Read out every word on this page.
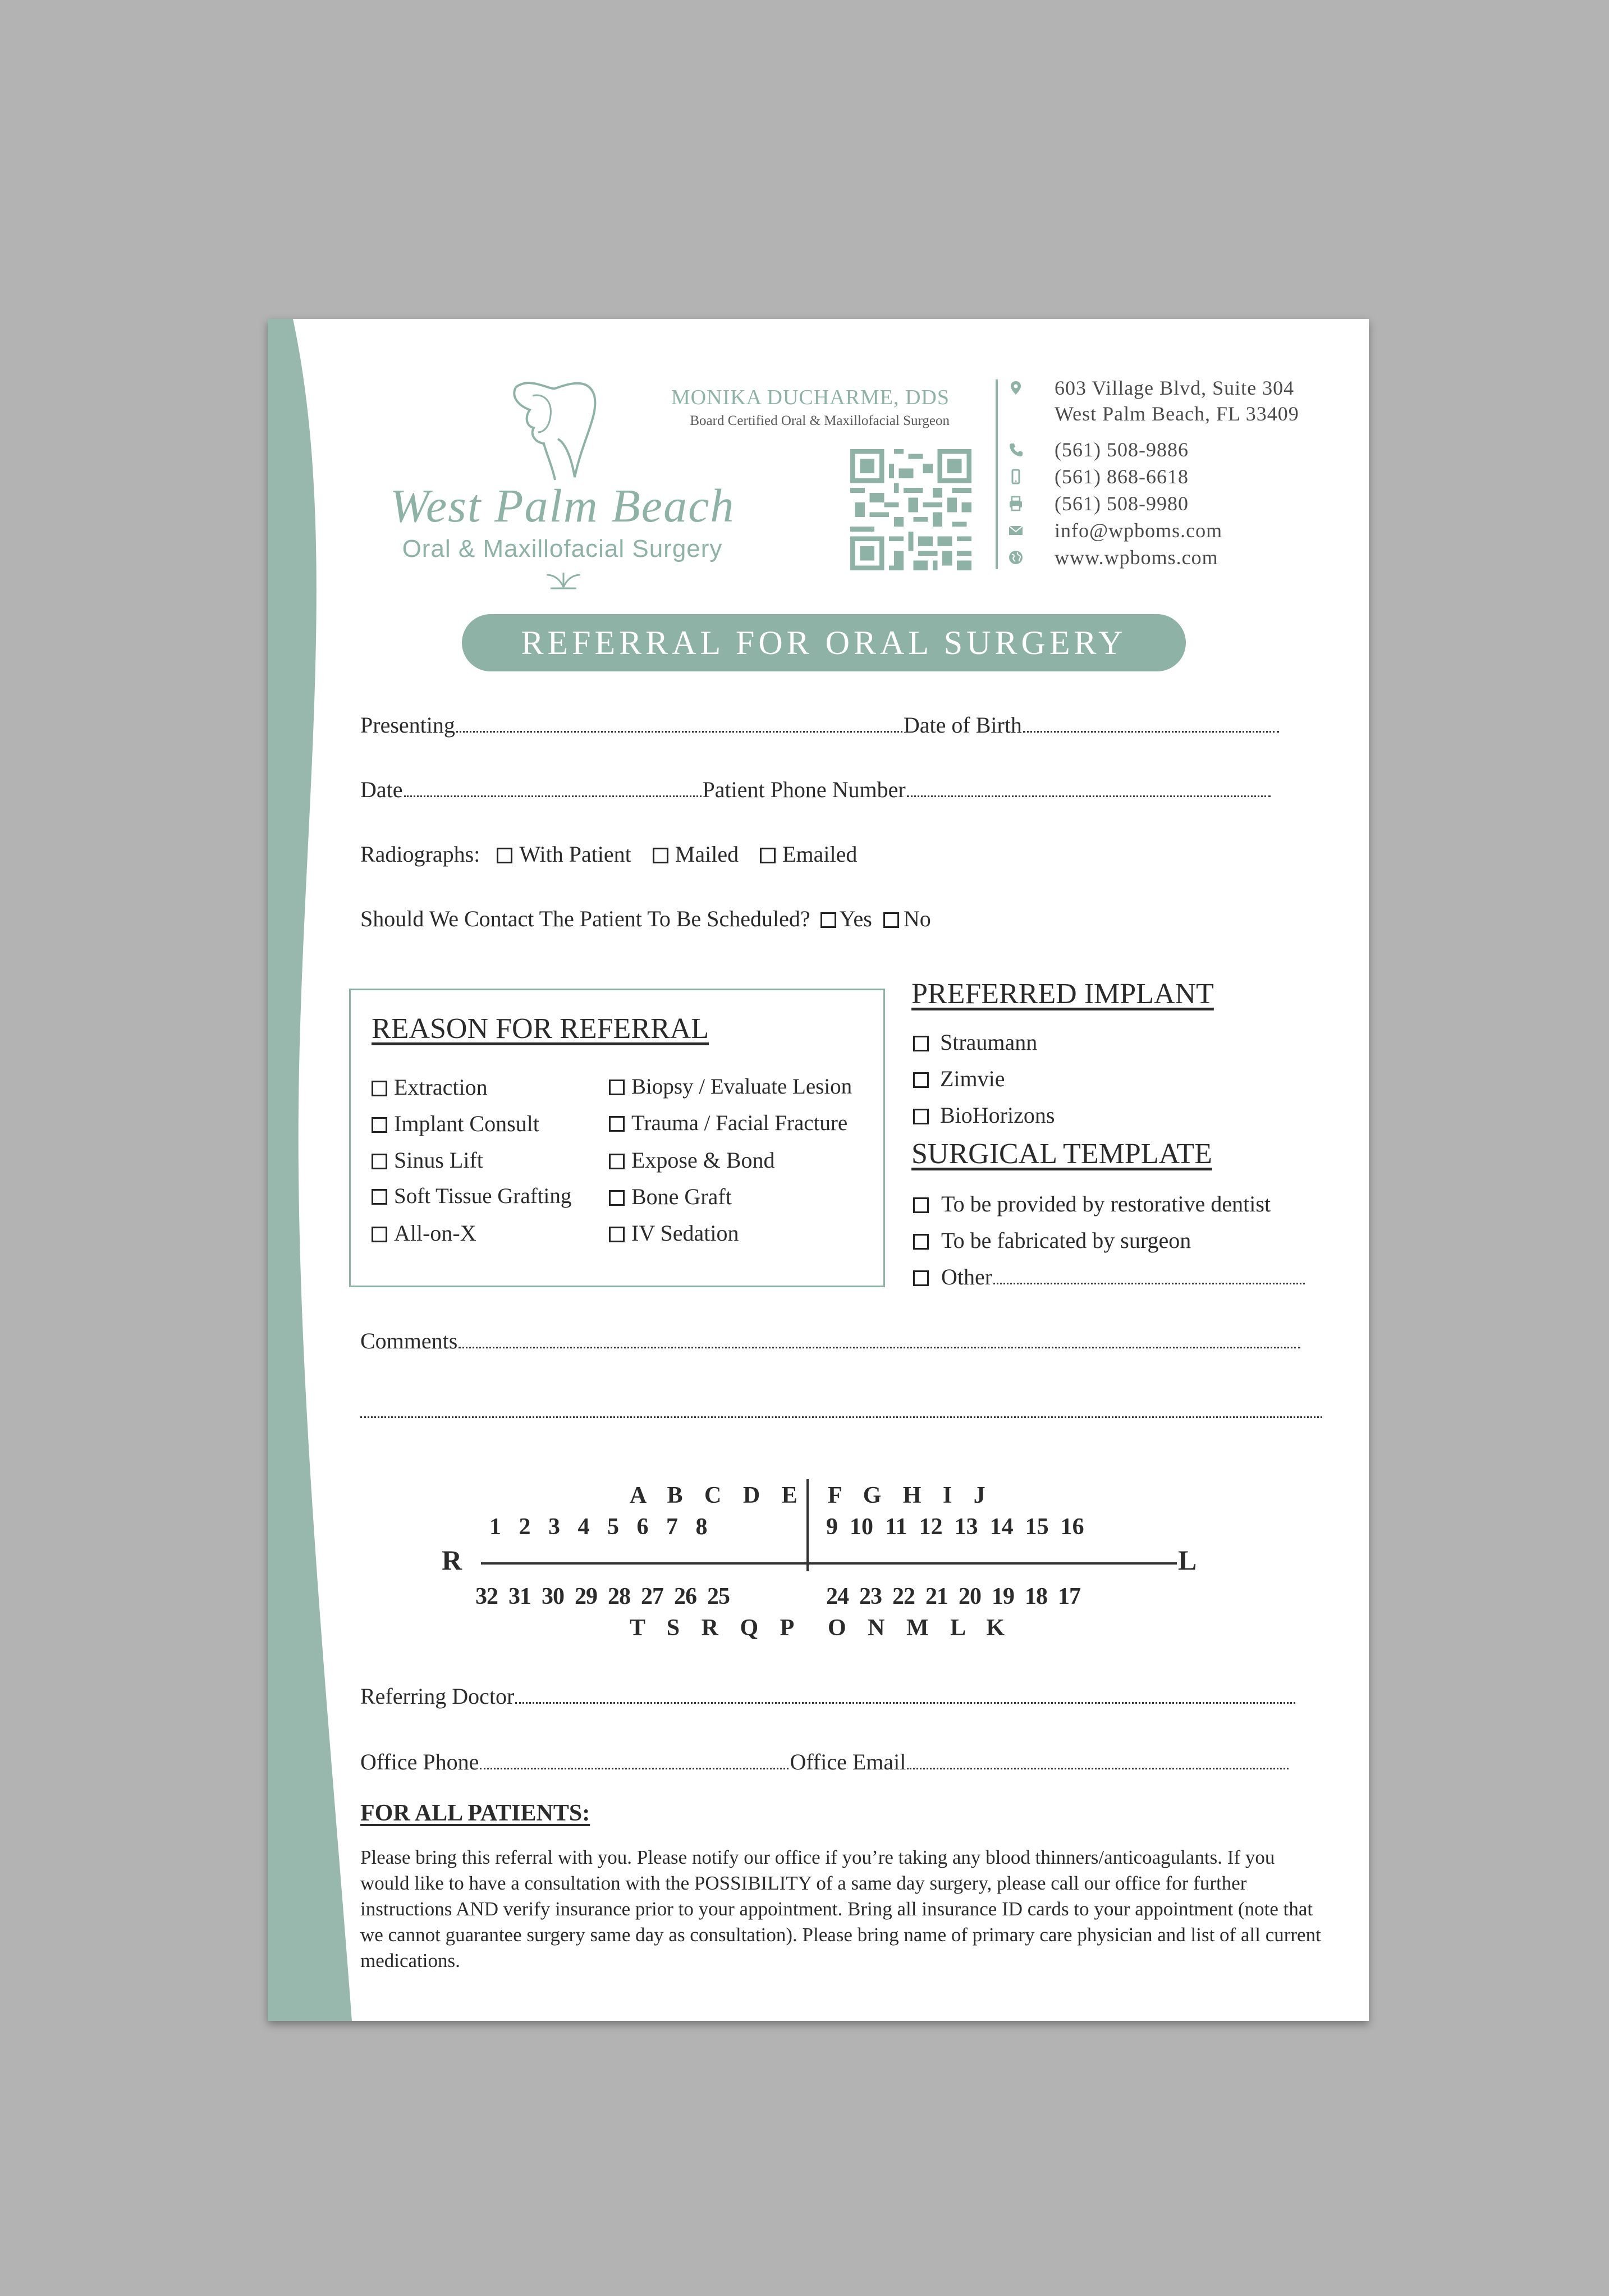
West Palm Beach
Oral & Maxillofacial Surgery
MONIKA DUCHARME, DDS
Board Certified Oral & Maxillofacial Surgeon
603 Village Blvd, Suite 304
West Palm Beach, FL 33409
(561) 508-9886
(561) 868-6618
(561) 508-9980
info@wpboms.com
www.wpboms.com
REFERRAL FOR ORAL SURGERY
Presenting	Date of Birth
Date	Patient Phone Number
Radiographs: With Patient Mailed Emailed
Should We Contact The Patient To Be Scheduled? Yes No
REASON FOR REFERRAL
Extraction
Implant Consult
Sinus Lift
Soft Tissue Grafting
All-on-X
Biopsy / Evaluate Lesion
Trauma / Facial Fracture
Expose & Bond
Bone Graft
IV Sedation
PREFERRED IMPLANT
Straumann
Zimvie
BioHorizons
SURGICAL TEMPLATE
To be provided by restorative dentist
To be fabricated by surgeon
Other
Comments
R	L
A B C D E F G H I J
1   2   3   4   5   6   7   8	9  10  11  12  13  14  15  16
32  31  30  29  28  27  26  25	24  23  22  21  20  19  18  17
T S R Q P O N M L K
Referring Doctor
Office Phone	Office Email
FOR ALL PATIENTS:
Please bring this referral with you. Please notify our office if you’re taking any blood thinners/anticoagulants. If you would like to have a consultation with the POSSIBILITY of a same day surgery, please call our office for further instructions AND verify insurance prior to your appointment. Bring all insurance ID cards to your appointment (note that we cannot guarantee surgery same day as consultation). Please bring name of primary care physician and list of all current medications.
